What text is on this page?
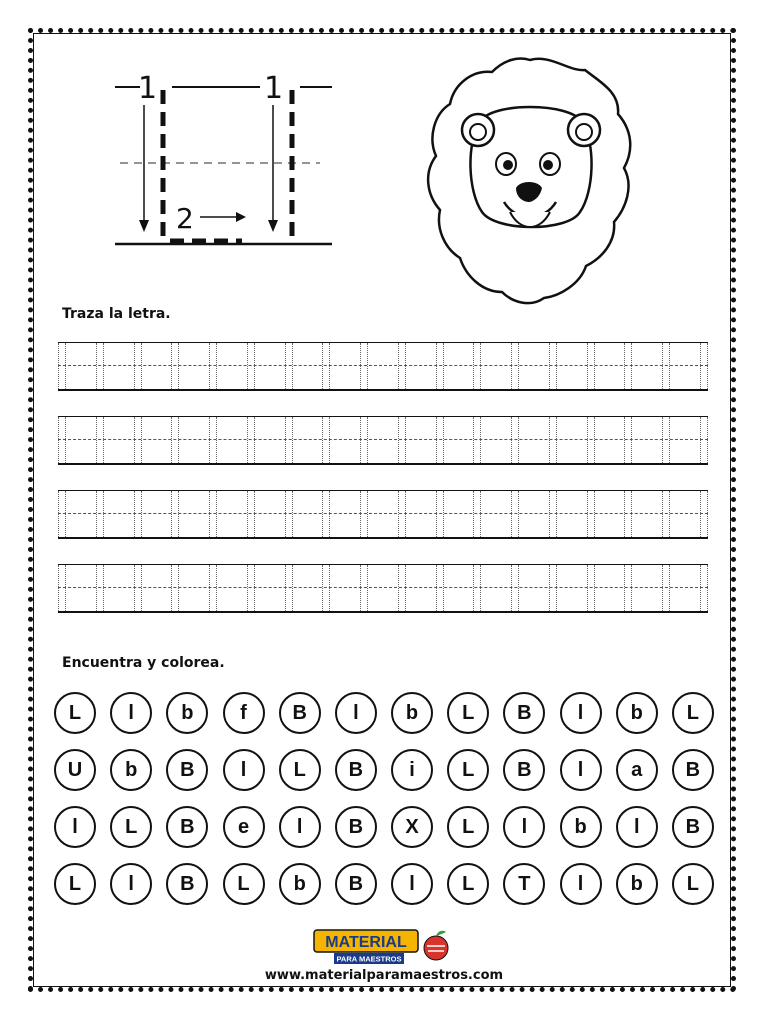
1	1
2
Traza la letra.
Encuentra y colorea.
L	l	b	f	B	l	b	L	B	l	b	L
U	b	B	l	L	B	i	L	B	l	a	B
l	L	B	e	l	B	X	L	l	b	l	B
L	l	B	L	b	B	l	L	T	l	b	L
MATERIAL
PARA MAESTROS
www.materialparamaestros.com
